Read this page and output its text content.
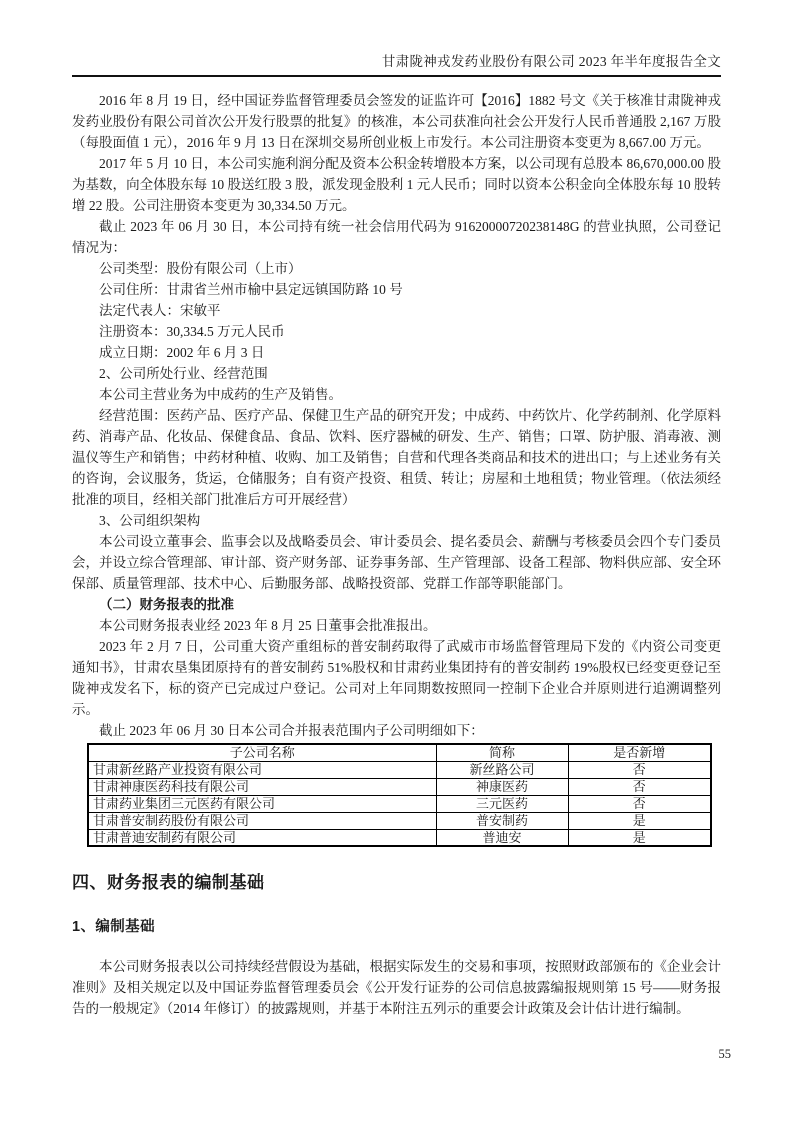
甘肃陇神戎发药业股份有限公司 2023 年半年度报告全文

2016 年 8 月 19 日，经中国证券监督管理委员会签发的证监许可【2016】1882 号文《关于核准甘肃陇神戎发药业股份有限公司首次公开发行股票的批复》的核准，本公司获准向社会公开发行人民币普通股 2,167 万股（每股面值 1 元），2016 年 9 月 13 日在深圳交易所创业板上市发行。本公司注册资本变更为 8,667.00 万元。

2017 年 5 月 10 日，本公司实施利润分配及资本公积金转增股本方案，以公司现有总股本 86,670,000.00 股为基数，向全体股东每 10 股送红股 3 股，派发现金股利 1 元人民币；同时以资本公积金向全体股东每 10 股转增 22 股。公司注册资本变更为 30,334.50 万元。

截止 2023 年 06 月 30 日，本公司持有统一社会信用代码为 91620000720238148G 的营业执照，公司登记情况为：

公司类型：股份有限公司（上市）

公司住所：甘肃省兰州市榆中县定远镇国防路 10 号

法定代表人：宋敏平

注册资本：30,334.5 万元人民币

成立日期：2002 年 6 月 3 日

2、公司所处行业、经营范围

本公司主营业务为中成药的生产及销售。

经营范围：医药产品、医疗产品、保健卫生产品的研究开发；中成药、中药饮片、化学药制剂、化学原料药、消毒产品、化妆品、保健食品、食品、饮料、医疗器械的研发、生产、销售；口罩、防护服、消毒液、测温仪等生产和销售；中药材种植、收购、加工及销售；自营和代理各类商品和技术的进出口；与上述业务有关的咨询，会议服务，货运，仓储服务；自有资产投资、租赁、转让；房屋和土地租赁；物业管理。（依法须经批准的项目，经相关部门批准后方可开展经营）

3、公司组织架构

本公司设立董事会、监事会以及战略委员会、审计委员会、提名委员会、薪酬与考核委员会四个专门委员会，并设立综合管理部、审计部、资产财务部、证券事务部、生产管理部、设备工程部、物料供应部、安全环保部、质量管理部、技术中心、后勤服务部、战略投资部、党群工作部等职能部门。

（二）财务报表的批准

本公司财务报表业经 2023 年 8 月 25 日董事会批准报出。

2023 年 2 月 7 日，公司重大资产重组标的普安制药取得了武威市市场监督管理局下发的《内资公司变更通知书》，甘肃农垦集团原持有的普安制药 51%股权和甘肃药业集团持有的普安制药 19%股权已经变更登记至陇神戎发名下，标的资产已完成过户登记。公司对上年同期数按照同一控制下企业合并原则进行追溯调整列示。

截止 2023 年 06 月 30 日本公司合并报表范围内子公司明细如下：

子公司名称	简称	是否新增
甘肃新丝路产业投资有限公司	新丝路公司	否
甘肃神康医药科技有限公司	神康医药	否
甘肃药业集团三元医药有限公司	三元医药	否
甘肃普安制药股份有限公司	普安制药	是
甘肃普迪安制药有限公司	普迪安	是
四、财务报表的编制基础
1、编制基础

本公司财务报表以公司持续经营假设为基础，根据实际发生的交易和事项，按照财政部颁布的《企业会计准则》及相关规定以及中国证券监督管理委员会《公开发行证券的公司信息披露编报规则第 15 号——财务报告的一般规定》（2014 年修订）的披露规则，并基于本附注五列示的重要会计政策及会计估计进行编制。

55
